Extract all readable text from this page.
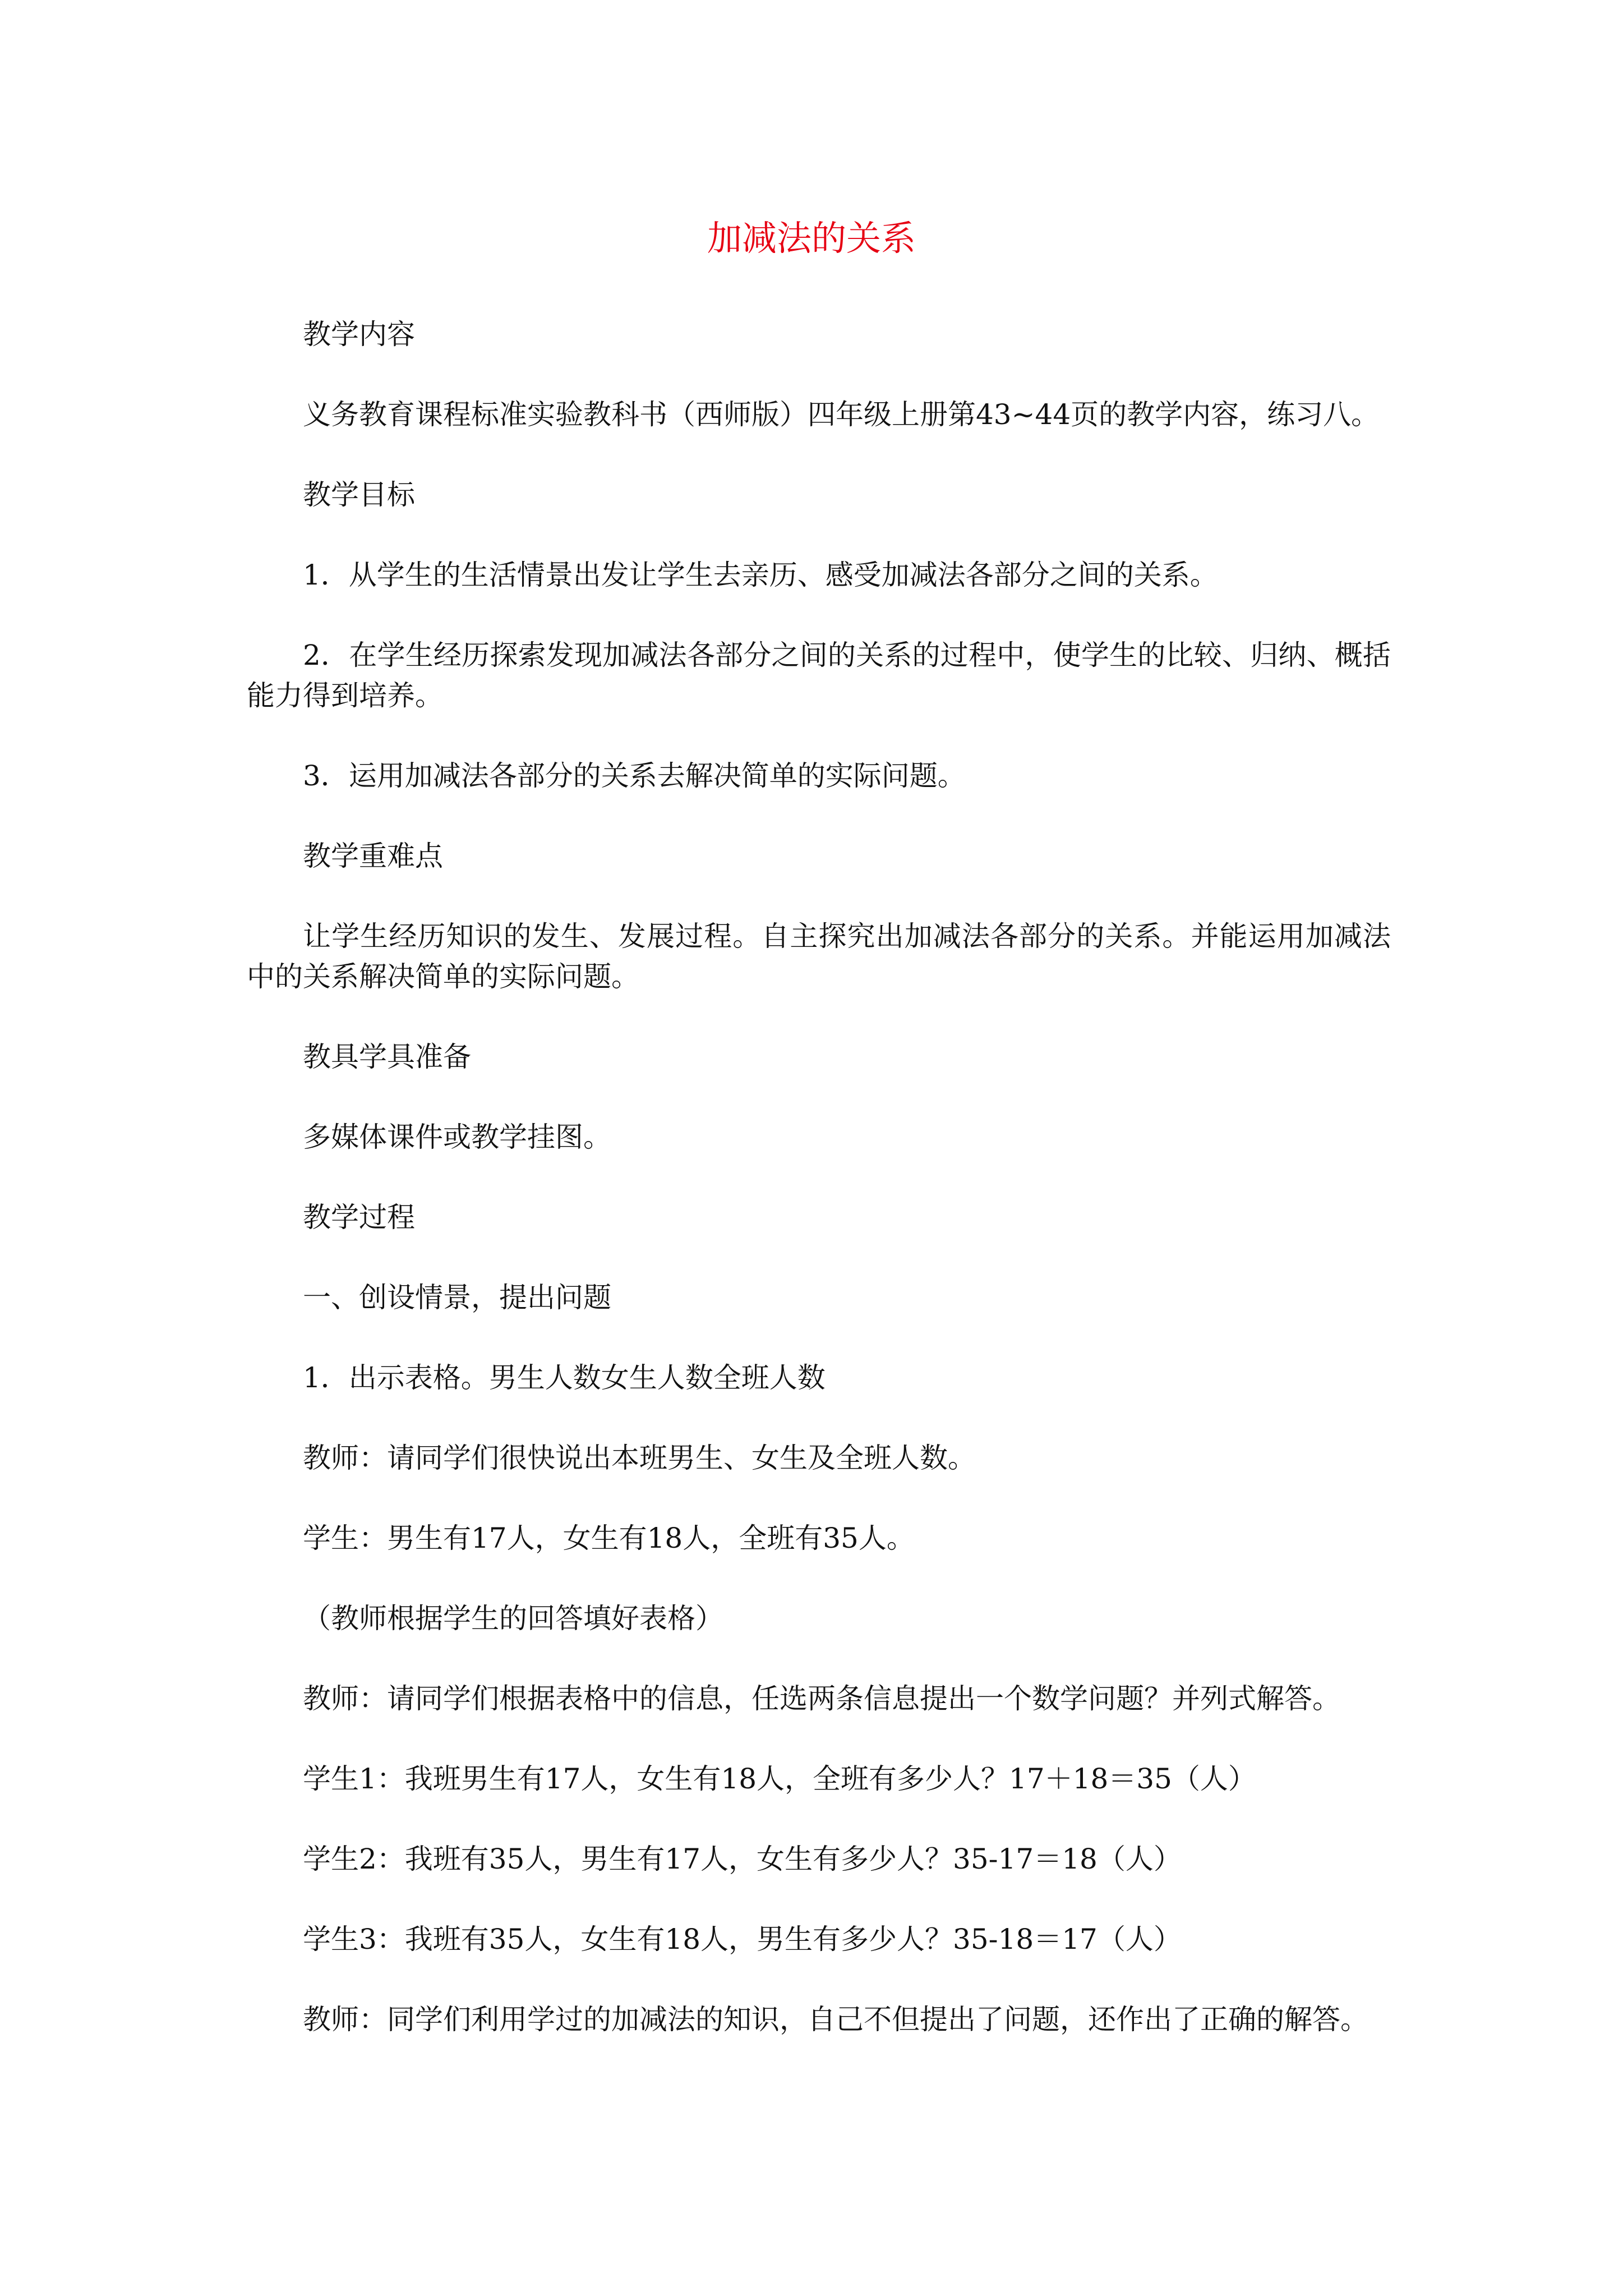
加减法的关系

教学内容

义务教育课程标准实验教科书（西师版）四年级上册第43~44页的教学内容，练习八。

教学目标

1．从学生的生活情景出发让学生去亲历、感受加减法各部分之间的关系。

2．在学生经历探索发现加减法各部分之间的关系的过程中，使学生的比较、归纳、概括能力得到培养。

3．运用加减法各部分的关系去解决简单的实际问题。

教学重难点

让学生经历知识的发生、发展过程。自主探究出加减法各部分的关系。并能运用加减法中的关系解决简单的实际问题。

教具学具准备

多媒体课件或教学挂图。

教学过程

一、创设情景，提出问题

1．出示表格。男生人数女生人数全班人数

教师：请同学们很快说出本班男生、女生及全班人数。

学生：男生有17人，女生有18人，全班有35人。

（教师根据学生的回答填好表格）

教师：请同学们根据表格中的信息，任选两条信息提出一个数学问题？并列式解答。

学生1：我班男生有17人，女生有18人，全班有多少人？17＋18＝35（人）

学生2：我班有35人，男生有17人，女生有多少人？35-17＝18（人）

学生3：我班有35人，女生有18人，男生有多少人？35-18＝17（人）

教师：同学们利用学过的加减法的知识，自己不但提出了问题，还作出了正确的解答。
